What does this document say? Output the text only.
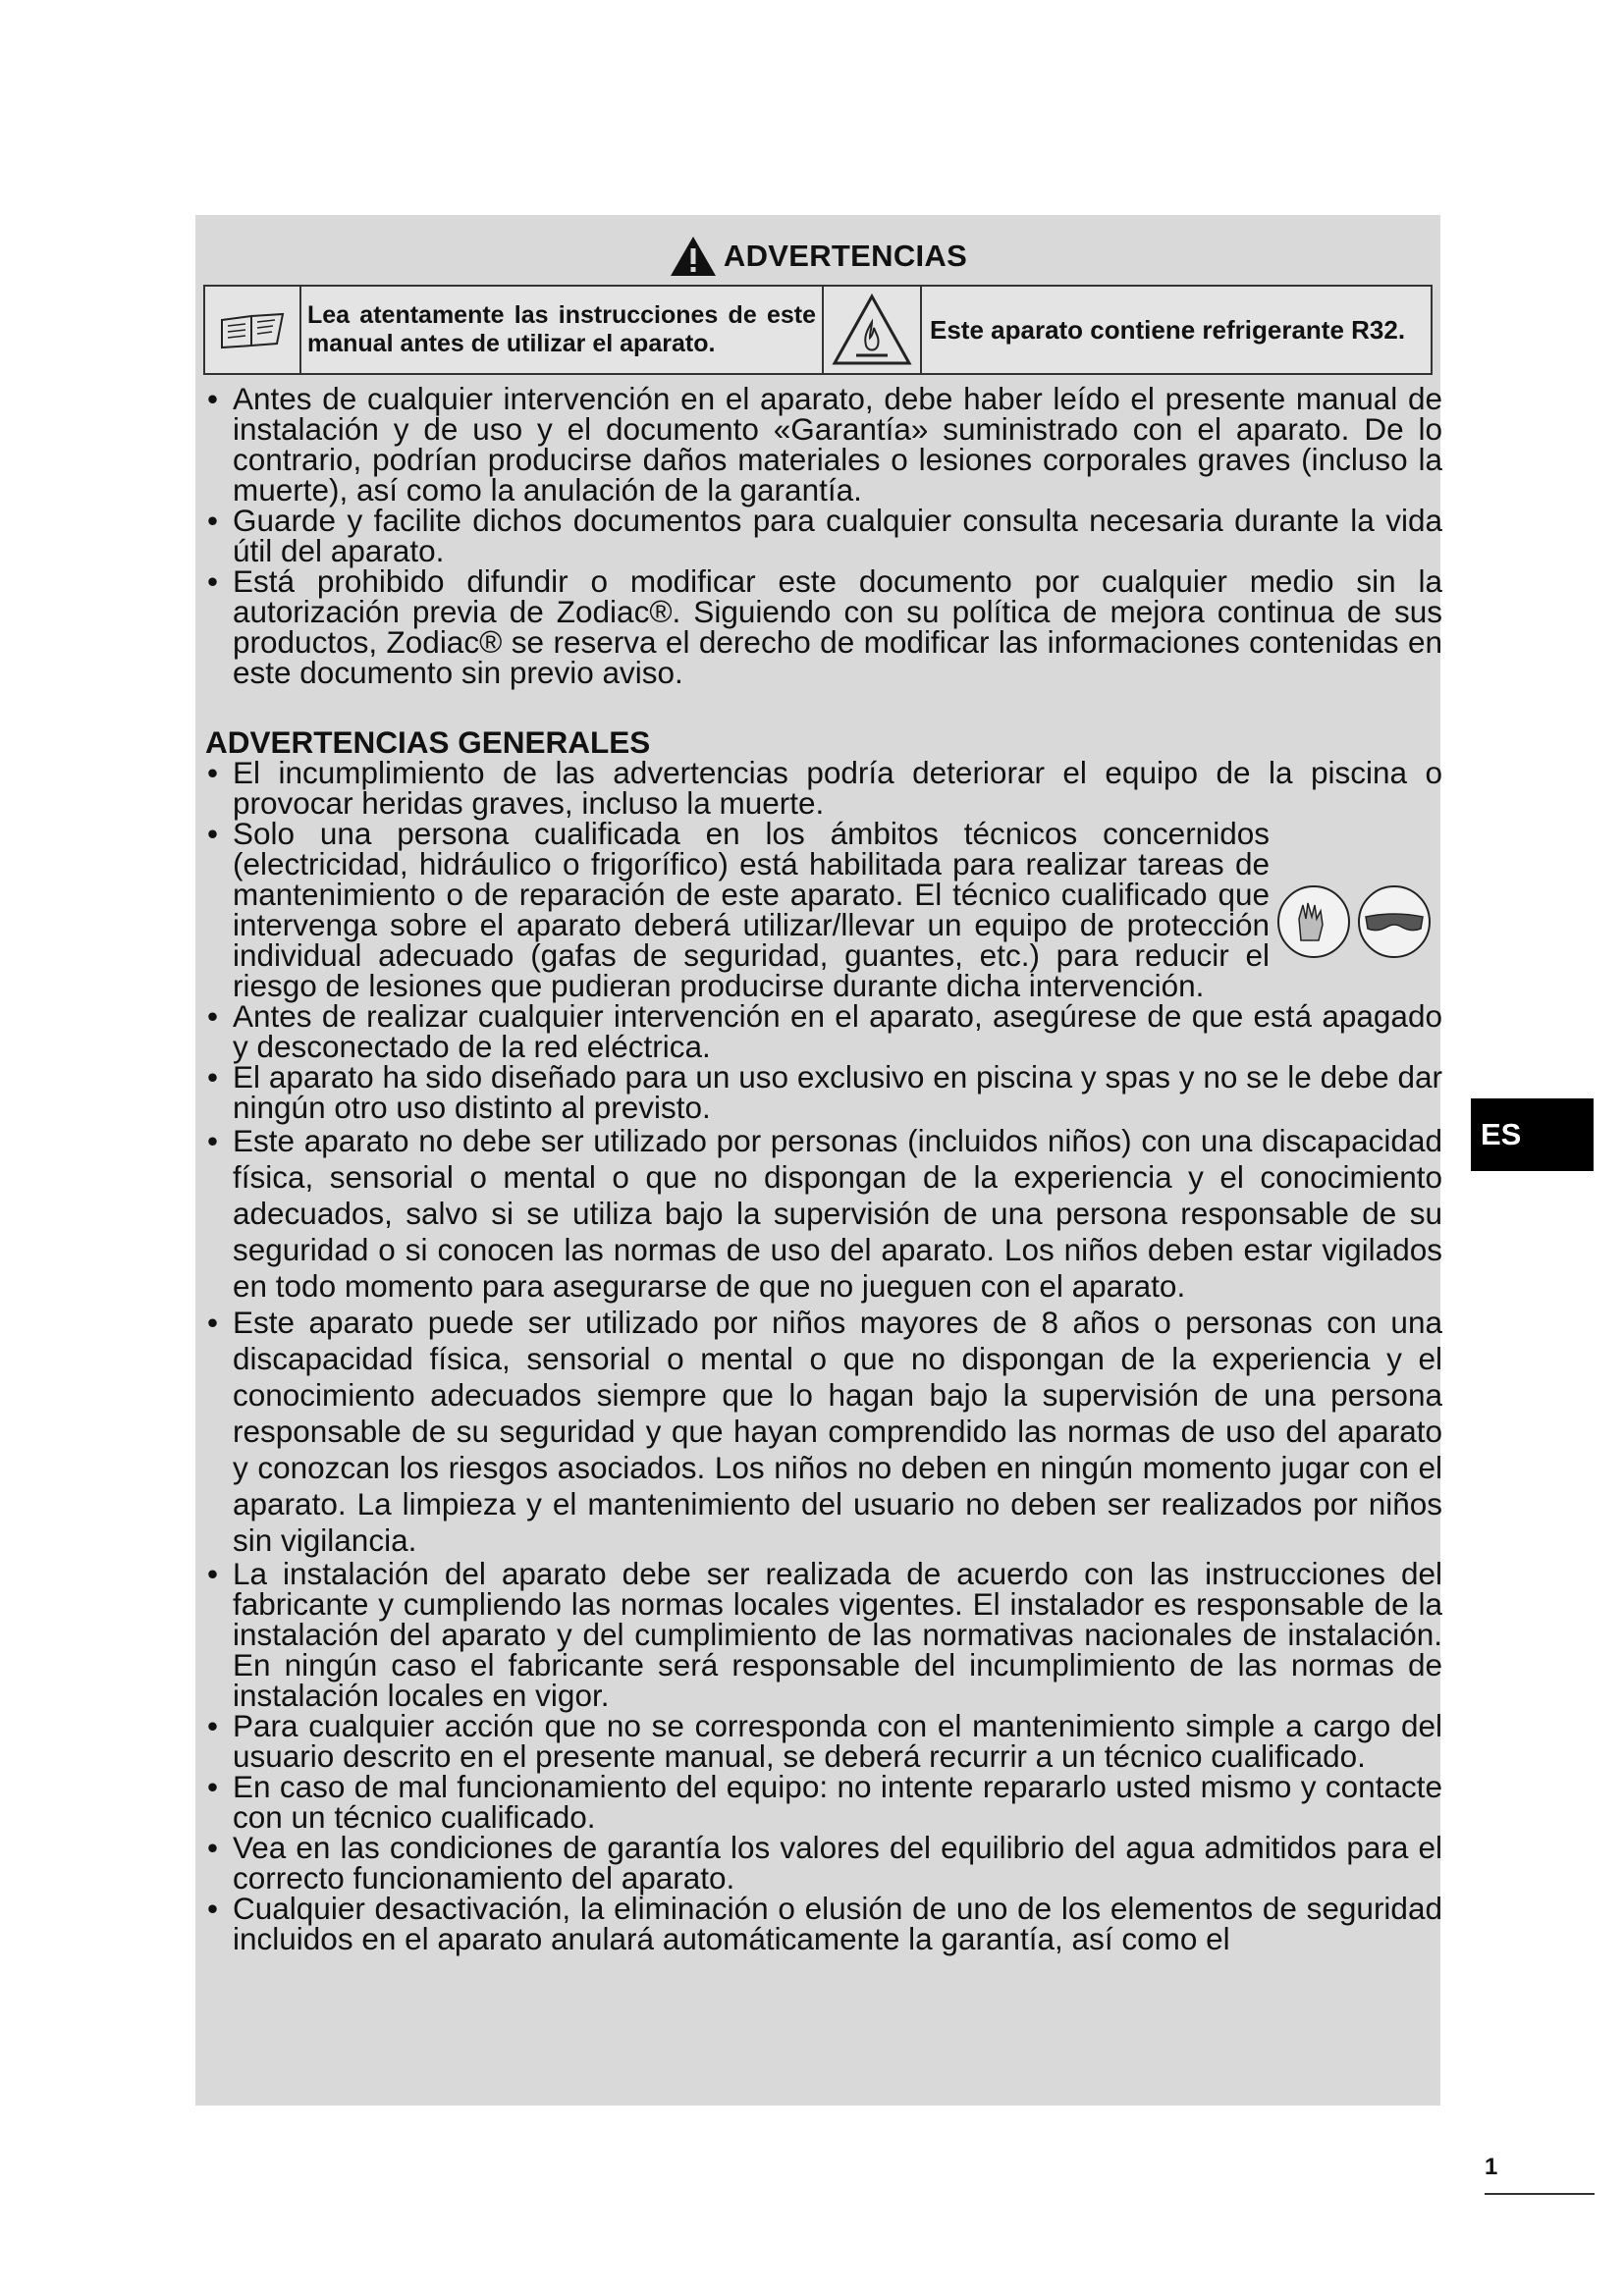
ADVERTENCIAS
Lea atentamente las instrucciones de este manual antes de utilizar el aparato.	Este aparato contiene refrigerante R32.
• Antes de cualquier intervención en el aparato, debe haber leído el presente manual de instalación y de uso y el documento «Garantía» suministrado con el aparato. De lo contrario, podrían producirse daños materiales o lesiones corporales graves (incluso la muerte), así como la anulación de la garantía.
• Guarde y facilite dichos documentos para cualquier consulta necesaria durante la vida útil del aparato.
• Está prohibido difundir o modificar este documento por cualquier medio sin la autorización previa de Zodiac®. Siguiendo con su política de mejora continua de sus productos, Zodiac® se reserva el derecho de modificar las informaciones contenidas en este documento sin previo aviso.
ADVERTENCIAS GENERALES
• El incumplimiento de las advertencias podría deteriorar el equipo de la piscina o provocar heridas graves, incluso la muerte.
• Solo una persona cualificada en los ámbitos técnicos concernidos (electricidad, hidráulico o frigorífico) está habilitada para realizar tareas de mantenimiento o de reparación de este aparato. El técnico cualificado que intervenga sobre el aparato deberá utilizar/llevar un equipo de protección individual adecuado (gafas de seguridad, guantes, etc.) para reducir el riesgo de lesiones que pudieran producirse durante dicha intervención.
• Antes de realizar cualquier intervención en el aparato, asegúrese de que está apagado y desconectado de la red eléctrica.
• El aparato ha sido diseñado para un uso exclusivo en piscina y spas y no se le debe dar ningún otro uso distinto al previsto.
• Este aparato no debe ser utilizado por personas (incluidos niños) con una discapacidad física, sensorial o mental o que no dispongan de la experiencia y el conocimiento adecuados, salvo si se utiliza bajo la supervisión de una persona responsable de su seguridad o si conocen las normas de uso del aparato. Los niños deben estar vigilados en todo momento para asegurarse de que no jueguen con el aparato.
• Este aparato puede ser utilizado por niños mayores de 8 años o personas con una discapacidad física, sensorial o mental o que no dispongan de la experiencia y el conocimiento adecuados siempre que lo hagan bajo la supervisión de una persona responsable de su seguridad y que hayan comprendido las normas de uso del aparato y conozcan los riesgos asociados. Los niños no deben en ningún momento jugar con el aparato. La limpieza y el mantenimiento del usuario no deben ser realizados por niños sin vigilancia.
• La instalación del aparato debe ser realizada de acuerdo con las instrucciones del fabricante y cumpliendo las normas locales vigentes. El instalador es responsable de la instalación del aparato y del cumplimiento de las normativas nacionales de instalación. En ningún caso el fabricante será responsable del incumplimiento de las normas de instalación locales en vigor.
• Para cualquier acción que no se corresponda con el mantenimiento simple a cargo del usuario descrito en el presente manual, se deberá recurrir a un técnico cualificado.
• En caso de mal funcionamiento del equipo: no intente repararlo usted mismo y contacte con un técnico cualificado.
• Vea en las condiciones de garantía los valores del equilibrio del agua admitidos para el correcto funcionamiento del aparato.
• Cualquier desactivación, la eliminación o elusión de uno de los elementos de seguridad incluidos en el aparato anulará automáticamente la garantía, así como el
ES
1
